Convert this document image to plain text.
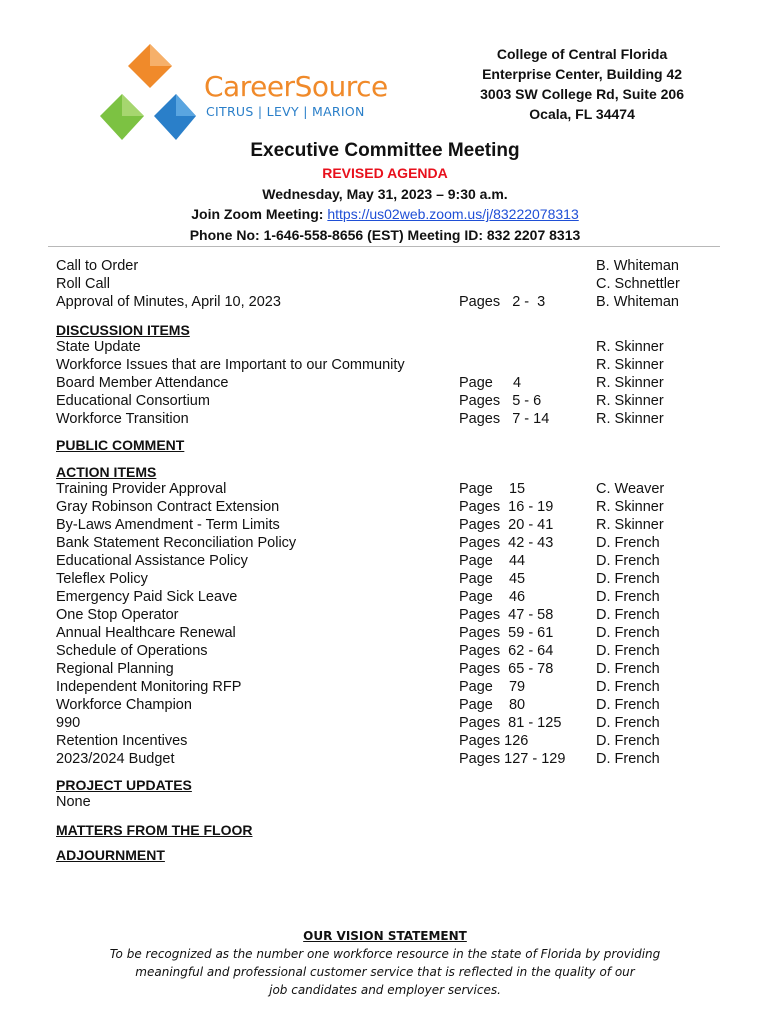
CareerSource
CITRUS | LEVY | MARION
College of Central Florida
Enterprise Center, Building 42
3003 SW College Rd, Suite 206
Ocala, FL 34474
Executive Committee Meeting
REVISED AGENDA
Wednesday, May 31, 2023 – 9:30 a.m.
Join Zoom Meeting: https://us02web.zoom.us/j/83222078313
Phone No: 1-646-558-8656 (EST) Meeting ID: 832 2207 8313
Call to Order	B. Whiteman
Roll Call	C. Schnettler
Approval of Minutes, April 10, 2023	Pages   2 -  3	B. Whiteman
DISCUSSION ITEMS
State Update	R. Skinner
Workforce Issues that are Important to our Community	R. Skinner
Board Member Attendance	Page     4	R. Skinner
Educational Consortium	Pages   5 - 6	R. Skinner
Workforce Transition	Pages   7 - 14	R. Skinner
PUBLIC COMMENT
ACTION ITEMS
Training Provider Approval	Page    15	C. Weaver
Gray Robinson Contract Extension	Pages  16 - 19	R. Skinner
By-Laws Amendment - Term Limits	Pages  20 - 41	R. Skinner
Bank Statement Reconciliation Policy	Pages  42 - 43	D. French
Educational Assistance Policy	Page    44	D. French
Teleflex Policy	Page    45	D. French
Emergency Paid Sick Leave	Page    46	D. French
One Stop Operator	Pages  47 - 58	D. French
Annual Healthcare Renewal	Pages  59 - 61	D. French
Schedule of Operations	Pages  62 - 64	D. French
Regional Planning	Pages  65 - 78	D. French
Independent Monitoring RFP	Page    79	D. French
Workforce Champion	Page    80	D. French
990	Pages  81 - 125 D. French
Retention Incentives	Pages 126	D. French
2023/2024 Budget	Pages 127 - 129 D. French
PROJECT UPDATES
None
MATTERS FROM THE FLOOR
ADJOURNMENT
OUR VISION STATEMENT
To be recognized as the number one workforce resource in the state of Florida by providing
meaningful and professional customer service that is reflected in the quality of our
job candidates and employer services.
